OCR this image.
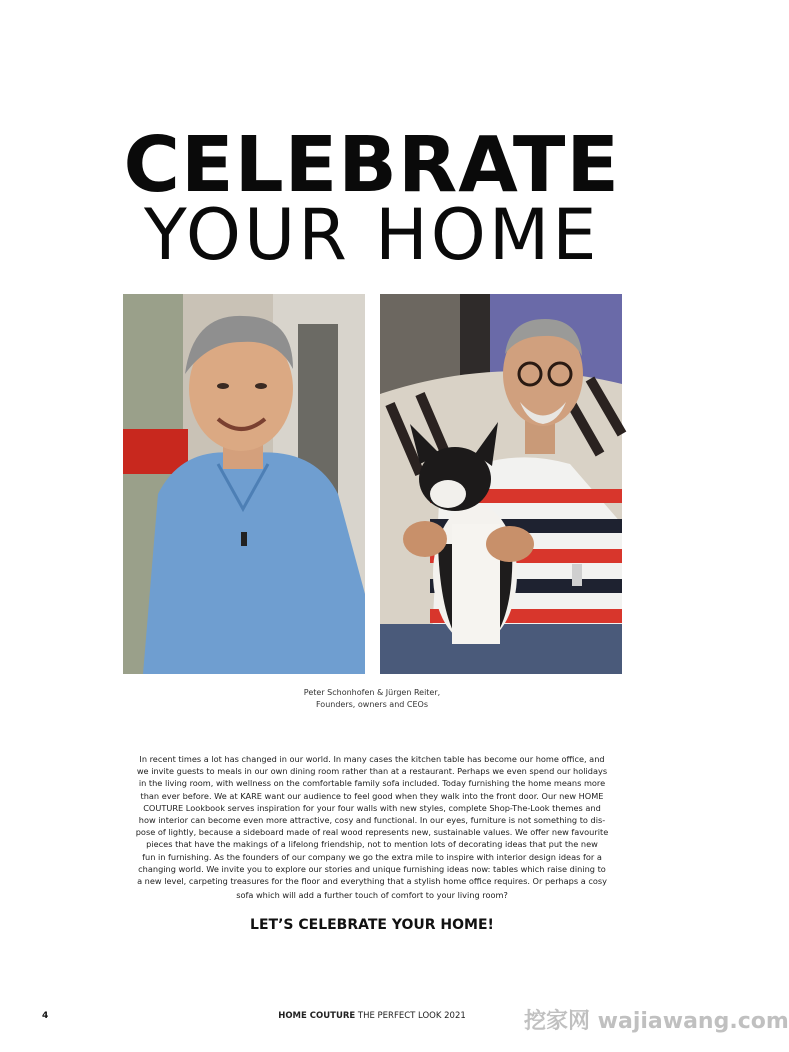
CELEBRATE
YOUR HOME
Peter Schonhofen & Jürgen Reiter,
Founders, owners and CEOs
In recent times a lot has changed in our world. In many cases the kitchen table has become our home office, and
we invite guests to meals in our own dining room rather than at a restaurant. Perhaps we even spend our holidays
in the living room, with wellness on the comfortable family sofa included. Today furnishing the home means more
than ever before. We at KARE want our audience to feel good when they walk into the front door. Our new HOME
COUTURE Lookbook serves inspiration for your four walls with new styles, complete Shop-The-Look themes and
how interior can become even more attractive, cosy and functional. In our eyes, furniture is not something to dis-
pose of lightly, because a sideboard made of real wood represents new, sustainable values. We offer new favourite
pieces that have the makings of a lifelong friendship, not to mention lots of decorating ideas that put the new
fun in furnishing. As the founders of our company we go the extra mile to inspire with interior design ideas for a
changing world. We invite you to explore our stories and unique furnishing ideas now: tables which raise dining to
a new level, carpeting treasures for the floor and everything that a stylish home office requires. Or perhaps a cosy
sofa which will add a further touch of comfort to your living room?
LET’S CELEBRATE YOUR HOME!
4	HOME COUTURE THE PERFECT LOOK 2021	挖家网 wajiawang.com
